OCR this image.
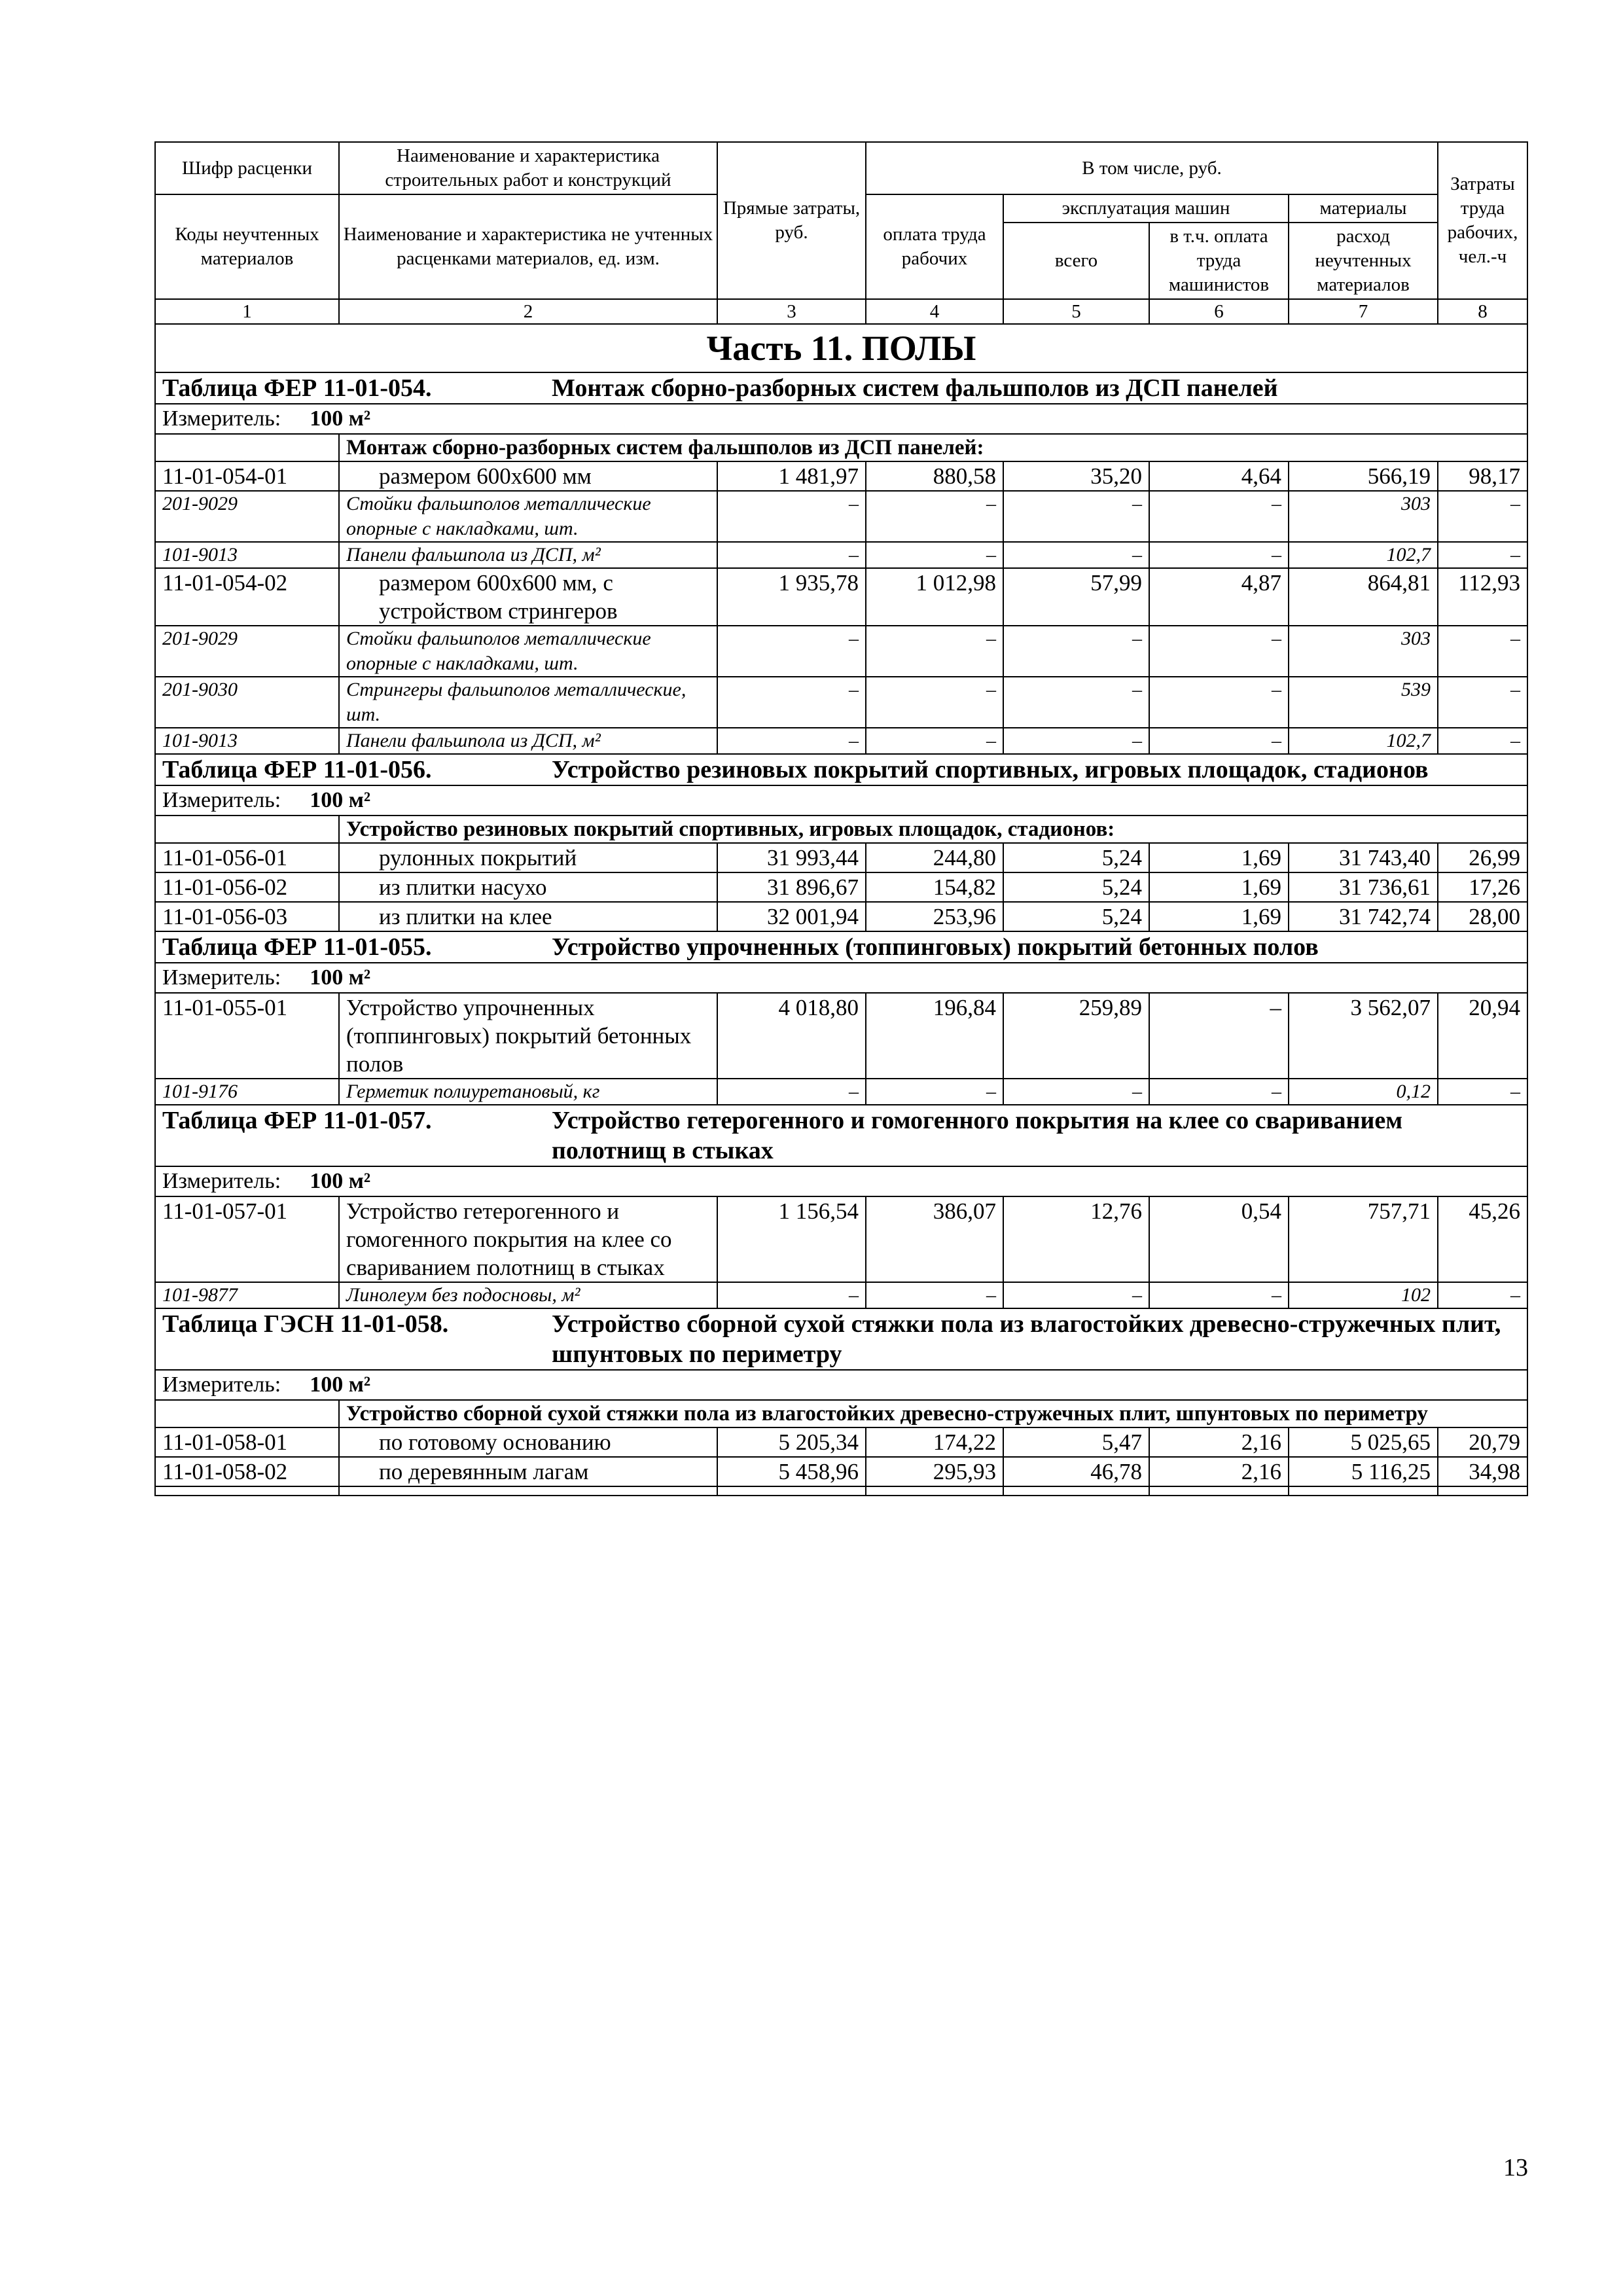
Шифр расценки	Наименование и характеристика строительных работ и конструкций	Прямые затраты, руб.	В том числе, руб.				Затраты труда рабочих, чел.-ч
Коды неучтенных материалов	Наименование и характеристика не учтенных расценками материалов, ед. изм.		оплата труда рабочих	эксплуатация машин		материалы	
				всего	в т.ч. оплата труда машинистов	расход неучтенных материалов	

1	2	3	4	5	6	7	8
Часть 11. ПОЛЫ							
Таблица ФЕР 11-01-054. Монтаж сборно-разборных систем фальшполов из ДСП панелей							
Измеритель: 100 м²							
	Монтаж сборно-разборных систем фальшполов из ДСП панелей:						
11-01-054-01	размером 600х600 мм	1 481,97	880,58	35,20	4,64	566,19	98,17
201-9029	Стойки фальшполов металлические опорные с накладками, шт.	–	–	–	–	303	–
101-9013	Панели фальшпола из ДСП, м²	–	–	–	–	102,7	–
11-01-054-02	размером 600х600 мм, с устройством стрингеров	1 935,78	1 012,98	57,99	4,87	864,81	112,93
201-9029	Стойки фальшполов металлические опорные с накладками, шт.	–	–	–	–	303	–
201-9030	Стрингеры фальшполов металлические, шт.	–	–	–	–	539	–
101-9013	Панели фальшпола из ДСП, м²	–	–	–	–	102,7	–
Таблица ФЕР 11-01-056. Устройство резиновых покрытий спортивных, игровых площадок, стадионов							
Измеритель: 100 м²							
	Устройство резиновых покрытий спортивных, игровых площадок, стадионов:						
11-01-056-01	рулонных покрытий	31 993,44	244,80	5,24	1,69	31 743,40	26,99
11-01-056-02	из плитки насухо	31 896,67	154,82	5,24	1,69	31 736,61	17,26
11-01-056-03	из плитки на клее	32 001,94	253,96	5,24	1,69	31 742,74	28,00
Таблица ФЕР 11-01-055. Устройство упрочненных (топпинговых) покрытий бетонных полов							
Измеритель: 100 м²							
11-01-055-01	Устройство упрочненных (топпинговых) покрытий бетонных полов	4 018,80	196,84	259,89	–	3 562,07	20,94
101-9176	Герметик полиуретановый, кг	–	–	–	–	0,12	–
Таблица ФЕР 11-01-057. Устройство гетерогенного и гомогенного покрытия на клее со свариванием полотнищ в стыках							
Измеритель: 100 м²							
11-01-057-01	Устройство гетерогенного и гомогенного покрытия на клее со свариванием полотнищ в стыках	1 156,54	386,07	12,76	0,54	757,71	45,26
101-9877	Линолеум без подосновы, м²	–	–	–	–	102	–
Таблица ГЭСН 11-01-058. Устройство сборной сухой стяжки пола из влагостойких древесно-стружечных плит, шпунтовых по периметру							
Измеритель: 100 м²							
	Устройство сборной сухой стяжки пола из влагостойких древесно-стружечных плит, шпунтовых по периметру						
11-01-058-01	по готовому основанию	5 205,34	174,22	5,47	2,16	5 025,65	20,79
11-01-058-02	по деревянным лагам	5 458,96	295,93	46,78	2,16	5 116,25	34,98

13
